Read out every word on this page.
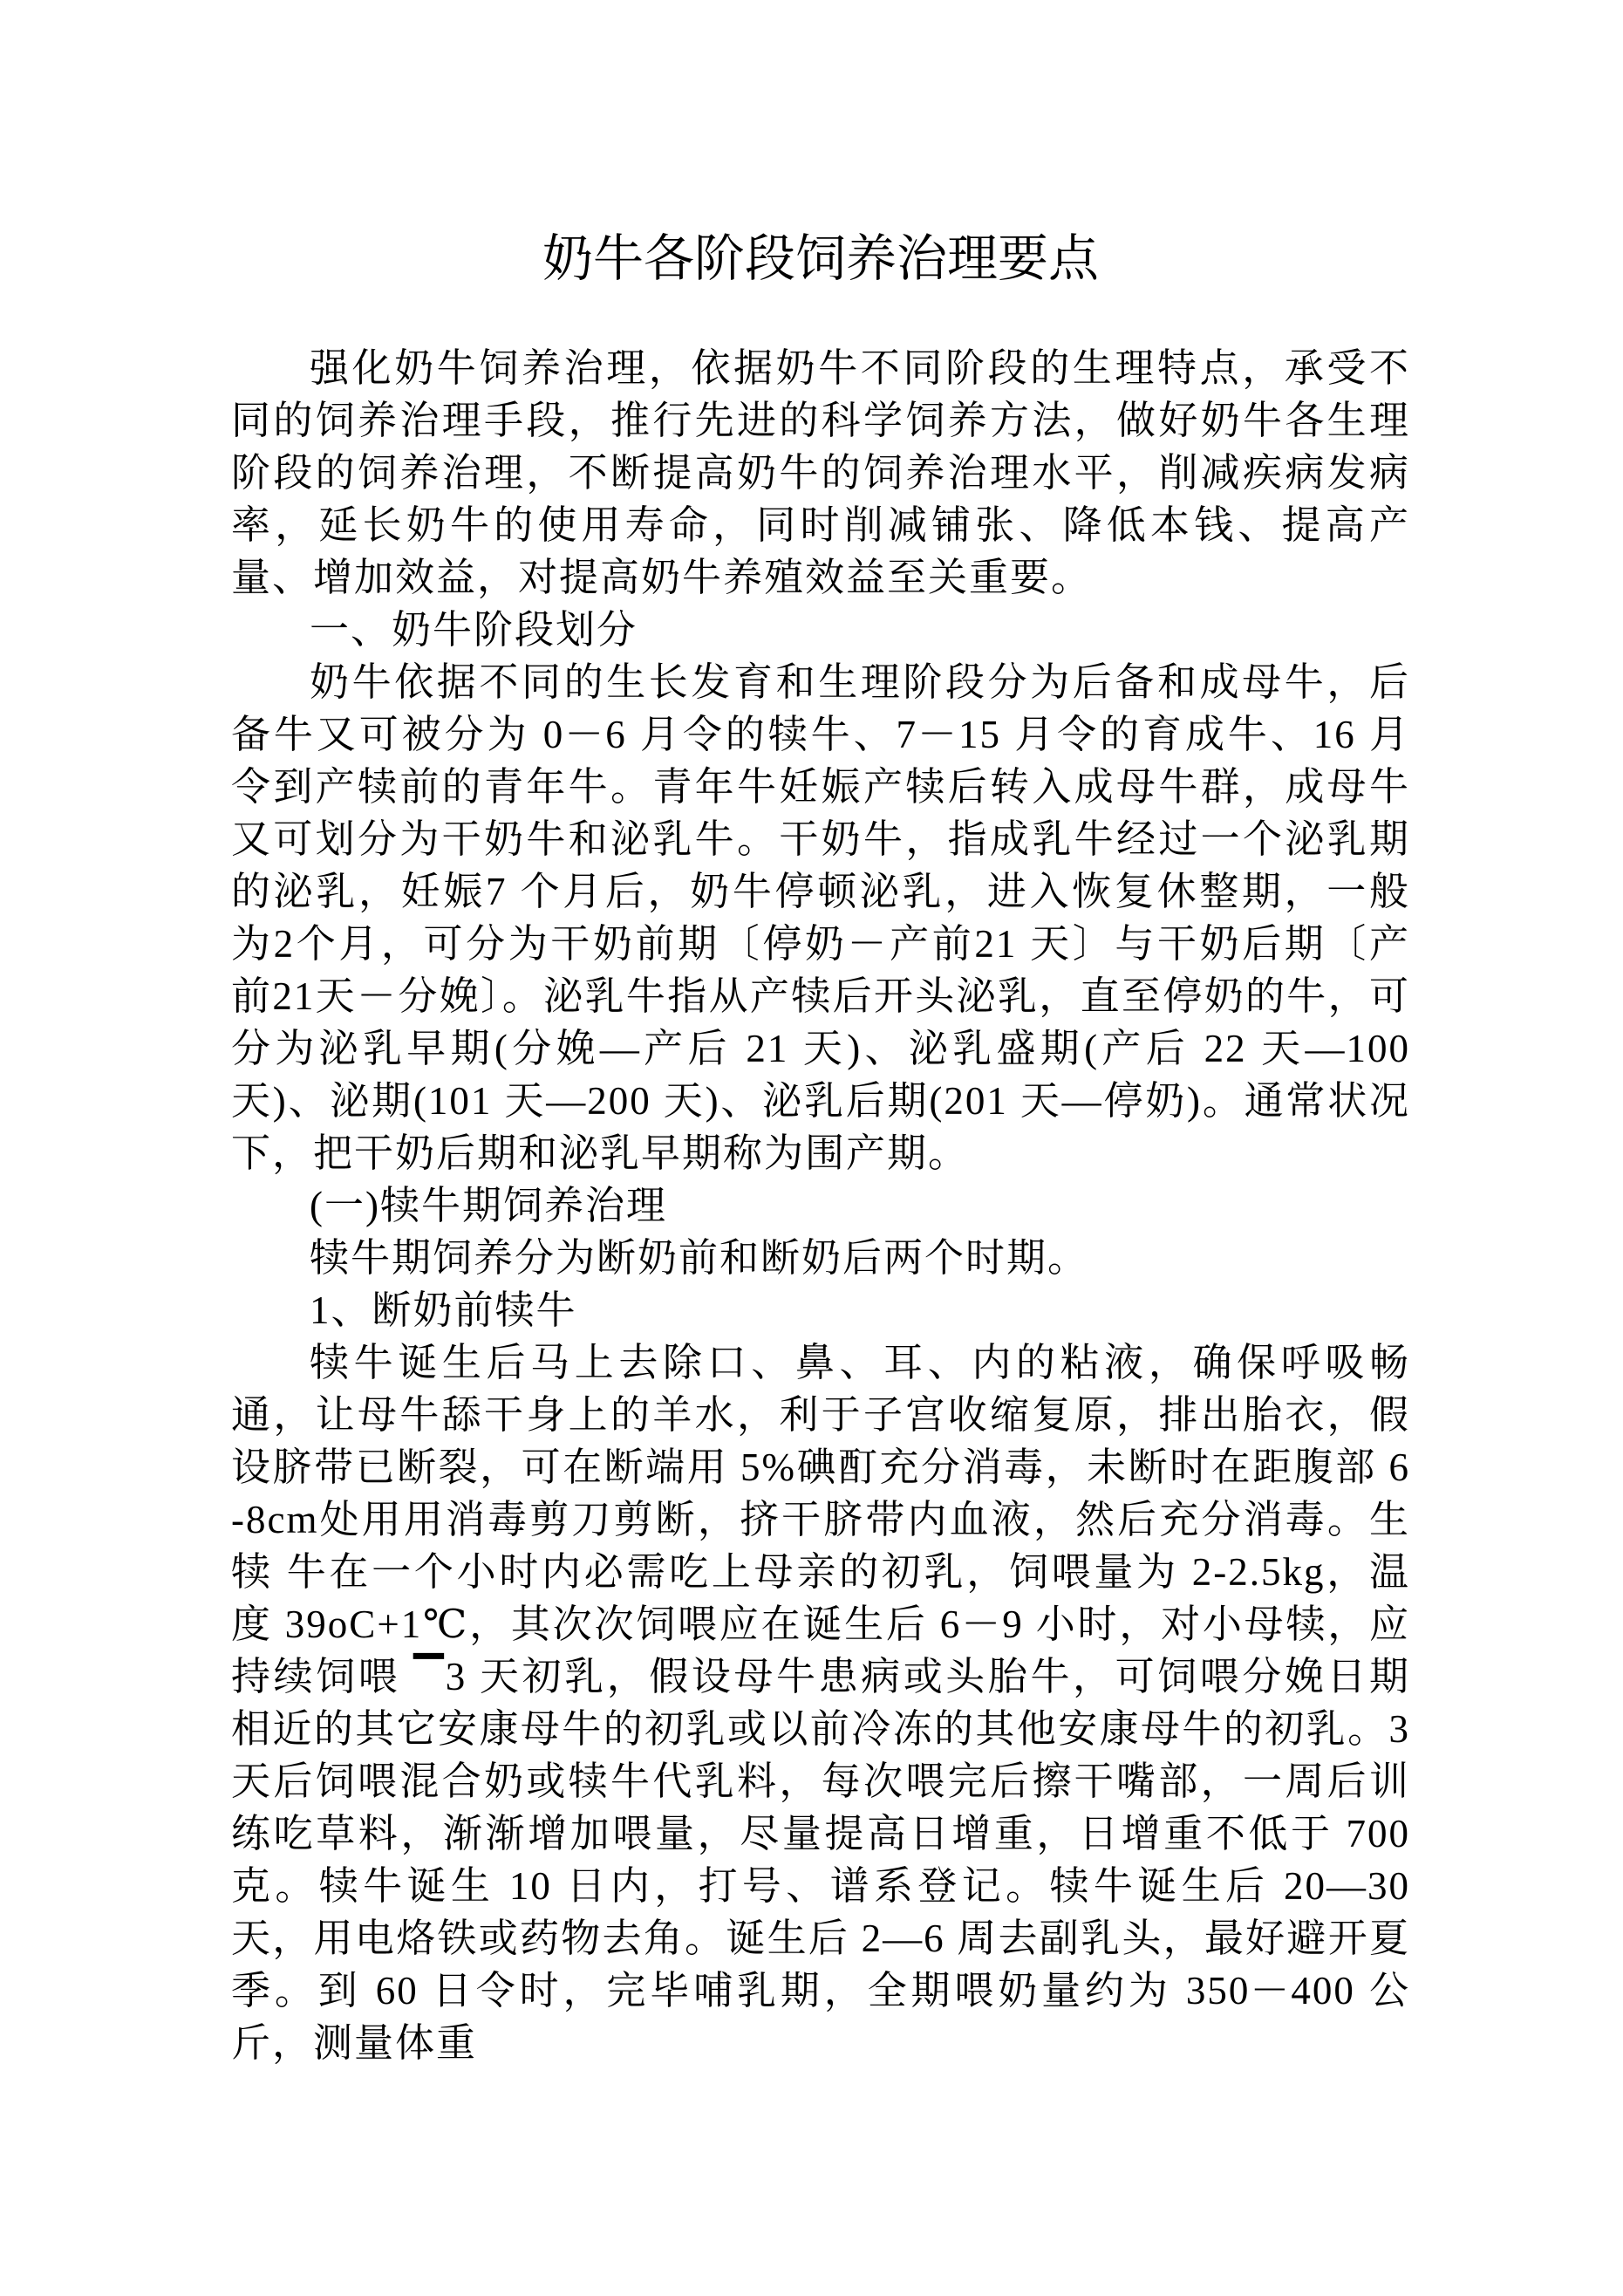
奶牛各阶段饲养治理要点

强化奶牛饲养治理，依据奶牛不同阶段的生理特点，承受不同的饲养治理手段，推行先进的科学饲养方法，做好奶牛各生理阶段的饲养治理，不断提高奶牛的饲养治理水平，削减疾病发病率，延长奶牛的使用寿命，同时削减铺张、降低本钱、提高产量、增加效益，对提高奶牛养殖效益至关重要。

一、奶牛阶段划分

奶牛依据不同的生长发育和生理阶段分为后备和成母牛，后备牛又可被分为 0－6 月令的犊牛、7－15 月令的育成牛、16 月令到产犊前的青年牛。青年牛妊娠产犊后转入成母牛群，成母牛又可划分为干奶牛和泌乳牛。干奶牛，指成乳牛经过一个泌乳期的泌乳，妊娠7 个月后，奶牛停顿泌乳，进入恢复休整期，一般为2个月，可分为干奶前期〔停奶－产前21 天〕与干奶后期〔产前21天－分娩〕。泌乳牛指从产犊后开头泌乳，直至停奶的牛，可分为泌乳早期(分娩—产后 21 天)、泌乳盛期(产后 22 天—100 天)、泌期(101 天—200 天)、泌乳后期(201 天—停奶)。通常状况下，把干奶后期和泌乳早期称为围产期。

(一)犊牛期饲养治理

犊牛期饲养分为断奶前和断奶后两个时期。

1、断奶前犊牛

犊牛诞生后马上去除口、鼻、耳、内的粘液，确保呼吸畅通，让母牛舔干身上的羊水，利于子宫收缩复原，排出胎衣，假设脐带已断裂，可在断端用 5%碘酊充分消毒，未断时在距腹部 6-8cm处用用消毒剪刀剪断，挤干脐带内血液，然后充分消毒。生犊 牛在一个小时内必需吃上母亲的初乳，饲喂量为 2-2.5kg，温度 39oC+1℃，其次次饲喂应在诞生后 6－9 小时，对小母犊，应持续饲喂 ▔3 天初乳，假设母牛患病或头胎牛，可饲喂分娩日期相近的其它安康母牛的初乳或以前冷冻的其他安康母牛的初乳。3 天后饲喂混合奶或犊牛代乳料，每次喂完后擦干嘴部，一周后训练吃草料，渐渐增加喂量，尽量提高日增重，日增重不低于 700 克。犊牛诞生 10 日内，打号、谱系登记。犊牛诞生后 20—30 天，用电烙铁或药物去角。诞生后 2—6 周去副乳头，最好避开夏季。到 60 日令时，完毕哺乳期，全期喂奶量约为 350－400 公斤，测量体重
